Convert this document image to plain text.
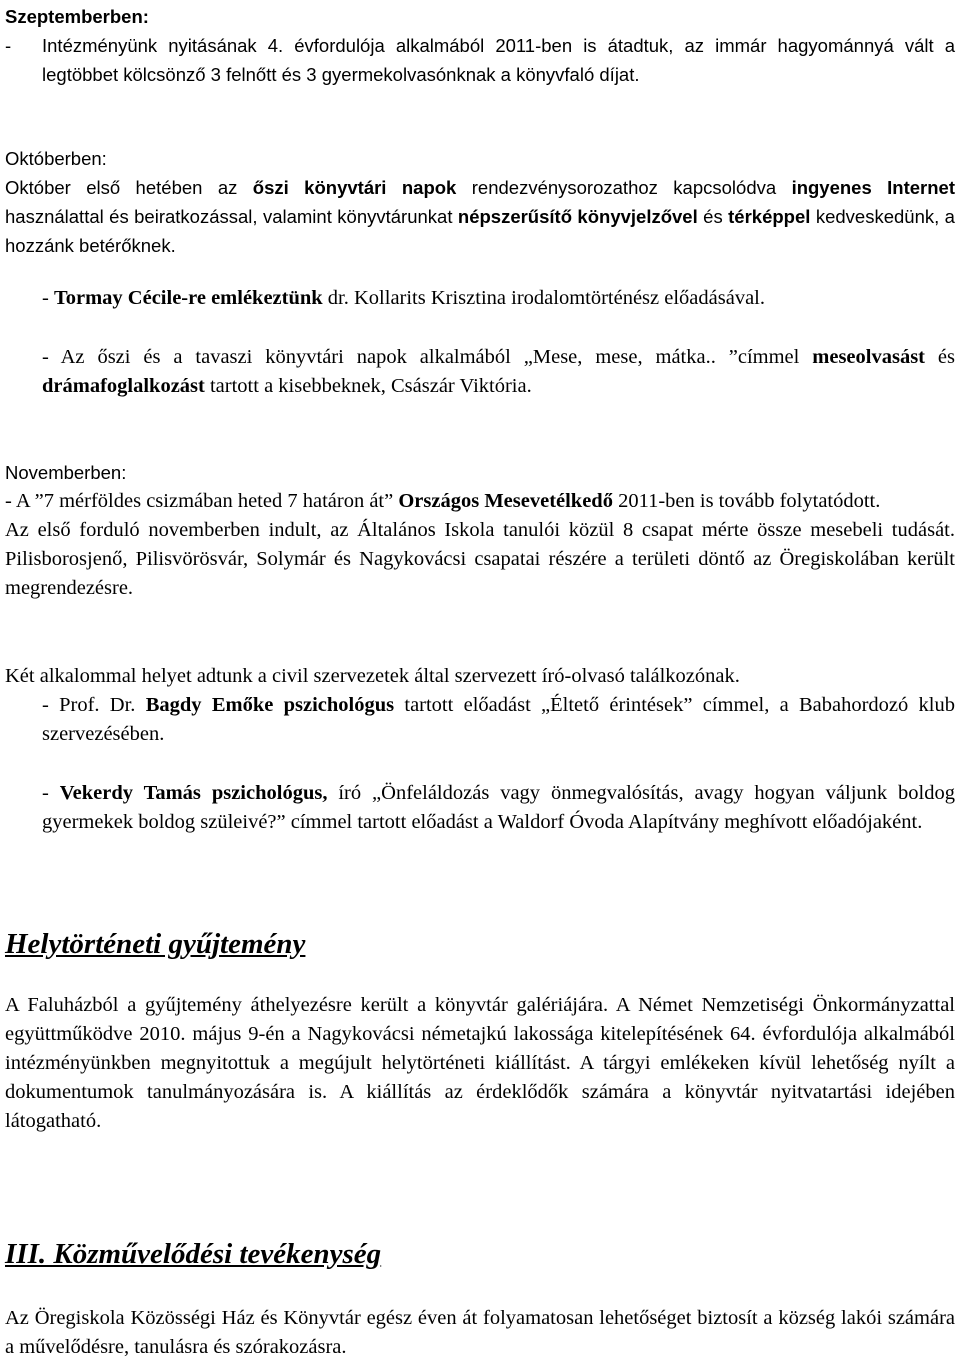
Szeptemberben:

- Intézményünk nyitásának 4. évfordulója alkalmából 2011-ben is átadtuk, az immár hagyománnyá vált a legtöbbet kölcsönző 3 felnőtt és 3 gyermekolvasónknak a könyvfaló díjat.

Októberben:

Október első hetében az őszi könyvtári napok rendezvénysorozathoz kapcsolódva ingyenes Internet használattal és beiratkozással, valamint könyvtárunkat népszerűsítő könyvjelzővel és térképpel kedveskedünk, a hozzánk betérőknek.

- Tormay Cécile-re emlékeztünk dr. Kollarits Krisztina irodalomtörténész előadásával.

- Az őszi és a tavaszi könyvtári napok alkalmából „Mese, mese, mátka.. ”címmel meseolvasást és drámafoglalkozást tartott a kisebbeknek, Császár Viktória.

Novemberben:

- A ”7 mérföldes csizmában heted 7 határon át” Országos Mesevetélkedő 2011-ben is tovább folytatódott.

Az első forduló novemberben indult, az Általános Iskola tanulói közül 8 csapat mérte össze mesebeli tudását. Pilisborosjenő, Pilisvörösvár, Solymár és Nagykovácsi csapatai részére a területi döntő az Öregiskolában került megrendezésre.

Két alkalommal helyet adtunk a civil szervezetek által szervezett író-olvasó találkozónak.

- Prof. Dr. Bagdy Emőke pszichológus tartott előadást „Éltető érintések” címmel, a Babahordozó klub szervezésében.

- Vekerdy Tamás pszichológus, író „Önfeláldozás vagy önmegvalósítás, avagy hogyan váljunk boldog gyermekek boldog szüleivé?” címmel tartott előadást a Waldorf Óvoda Alapítvány meghívott előadójaként.

Helytörténeti gyűjtemény

A Faluházból a gyűjtemény áthelyezésre került a könyvtár galériájára. A Német Nemzetiségi Önkormányzattal együttműködve 2010. május 9-én a Nagykovácsi németajkú lakossága kitelepítésének 64. évfordulója alkalmából intézményünkben megnyitottuk a megújult helytörténeti kiállítást. A tárgyi emlékeken kívül lehetőség nyílt a dokumentumok tanulmányozására is. A kiállítás az érdeklődők számára a könyvtár nyitvatartási idejében látogatható.

III. Közművelődési tevékenység

Az Öregiskola Közösségi Ház és Könyvtár egész éven át folyamatosan lehetőséget biztosít a község lakói számára a művelődésre, tanulásra és szórakozásra.
